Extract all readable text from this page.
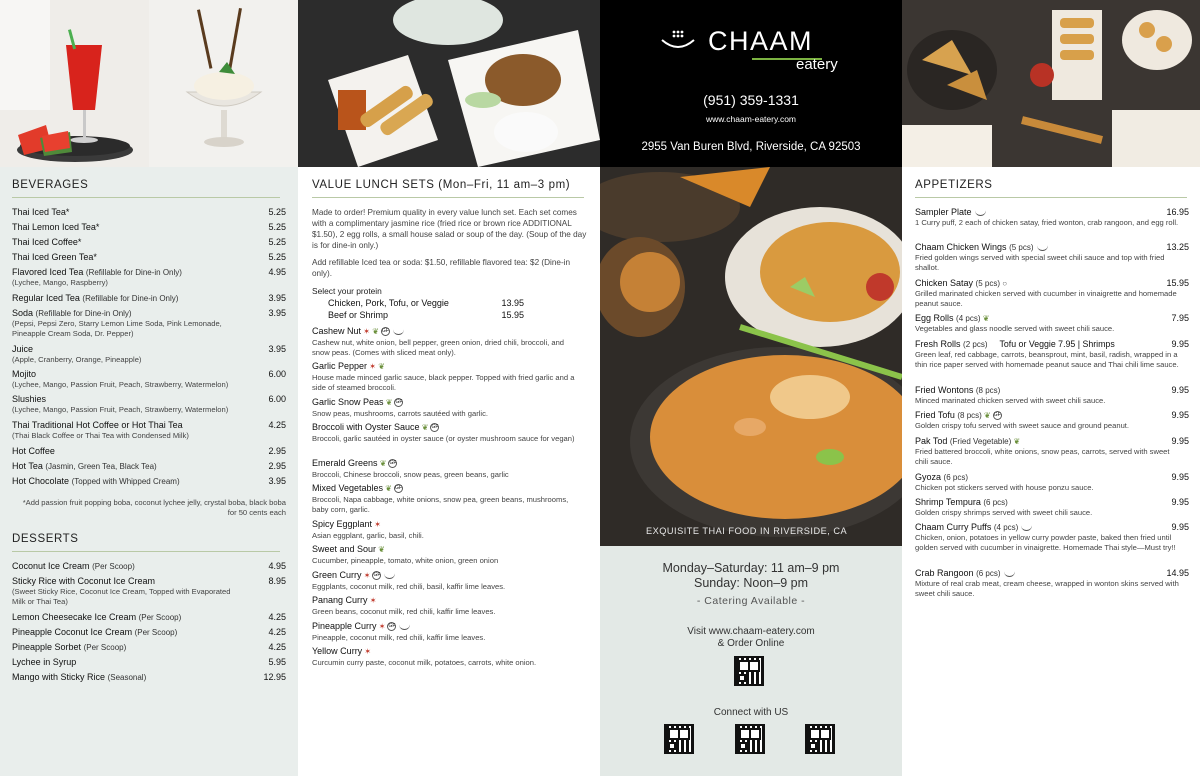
BEVERAGES
Thai Iced Tea*	5.25
Thai Lemon Iced Tea*	5.25
Thai Iced Coffee*	5.25
Thai Iced Green Tea*	5.25
Flavored Iced Tea (Refillable for Dine-in Only)	4.95
(Lychee, Mango, Raspberry)
Regular Iced Tea (Refillable for Dine-in Only)	3.95
Soda (Refillable for Dine-in Only)	3.95
(Pepsi, Pepsi Zero, Starry Lemon Lime Soda, Pink Lemonade, Pineapple Cream Soda, Dr. Pepper)
Juice	3.95
(Apple, Cranberry, Orange, Pineapple)
Mojito	6.00
(Lychee, Mango, Passion Fruit, Peach, Strawberry, Watermelon)
Slushies	6.00
(Lychee, Mango, Passion Fruit, Peach, Strawberry, Watermelon)
Thai Traditional Hot Coffee or Hot Thai Tea	4.25
(Thai Black Coffee or Thai Tea with Condensed Milk)
Hot Coffee	2.95
Hot Tea (Jasmin, Green Tea, Black Tea)	2.95
Hot Chocolate (Topped with Whipped Cream)	3.95
*Add passion fruit popping boba, coconut lychee jelly, crystal boba, black boba for 50 cents each
DESSERTS
Coconut Ice Cream (Per Scoop)	4.95
Sticky Rice with Coconut Ice Cream	8.95
(Sweet Sticky Rice, Coconut Ice Cream, Topped with Evaporated Milk or Thai Tea)
Lemon Cheesecake Ice Cream (Per Scoop)	4.25
Pineapple Coconut Ice Cream (Per Scoop)	4.25
Pineapple Sorbet (Per Scoop)	4.25
Lychee in Syrup	5.95
Mango with Sticky Rice (Seasonal)	12.95
VALUE LUNCH SETS (Mon–Fri, 11 am–3 pm)
Made to order! Premium quality in every value lunch set. Each set comes with a complimentary jasmine rice (fried rice or brown rice ADDITIONAL $1.50), 2 egg rolls, a small house salad or soup of the day. (Soup of the day is for dine-in only.)
Add refillable Iced tea or soda: $1.50, refillable flavored tea: $2 (Dine-in only).
Select your protein
Chicken, Pork, Tofu, or Veggie	13.95
Beef or Shrimp	15.95
Cashew Nut ✶ ❦ GF
Cashew nut, white onion, bell pepper, green onion, dried chili, broccoli, and snow peas. (Comes with sliced meat only).
Garlic Pepper ✶ ❦
House made minced garlic sauce, black pepper. Topped with fried garlic and a side of steamed broccoli.
Garlic Snow Peas ❦ GF
Snow peas, mushrooms, carrots sautéed with garlic.
Broccoli with Oyster Sauce ❦ GF
Broccoli, garlic sautéed in oyster sauce (or oyster mushroom sauce for vegan)
Emerald Greens ❦ GF
Broccoli, Chinese broccoli, snow peas, green beans, garlic
Mixed Vegetables ❦ GF
Broccoli, Napa cabbage, white onions, snow pea, green beans, mushrooms, baby corn, garlic.
Spicy Eggplant ✶
Asian eggplant, garlic, basil, chili.
Sweet and Sour ❦
Cucumber, pineapple, tomato, white onion, green onion
Green Curry ✶ GF
Eggplants, coconut milk, red chili, basil, kaffir lime leaves.
Panang Curry ✶
Green beans, coconut milk, red chili, kaffir lime leaves.
Pineapple Curry ✶ GF
Pineapple, coconut milk, red chili, kaffir lime leaves.
Yellow Curry ✶
Curcumin curry paste, coconut milk, potatoes, carrots, white onion.
CHAAM
eatery
(951) 359-1331
www.chaam-eatery.com
2955 Van Buren Blvd, Riverside, CA 92503
EXQUISITE THAI FOOD IN RIVERSIDE, CA
Monday–Saturday: 11 am–9 pm
Sunday: Noon–9 pm
- Catering Available -
Visit www.chaam-eatery.com
& Order Online
Connect with US
APPETIZERS
Sampler Plate	16.95
1 Curry puff, 2 each of chicken satay, fried wonton, crab rangoon, and egg roll.
Chaam Chicken Wings (5 pcs)	13.25
Fried golden wings served with special sweet chili sauce and top with fried shallot.
Chicken Satay (5 pcs) ○	15.95
Grilled marinated chicken served with cucumber in vinaigrette and homemade peanut sauce.
Egg Rolls (4 pcs) ❦	7.95
Vegetables and glass noodle served with sweet chili sauce.
Fresh Rolls (2 pcs) Tofu or Veggie 7.95 | Shrimps	9.95
Green leaf, red cabbage, carrots, beansprout, mint, basil, radish, wrapped in a thin rice paper served with homemade peanut sauce and Thai chili lime sauce.
Fried Wontons (8 pcs)	9.95
Minced marinated chicken served with sweet chili sauce.
Fried Tofu (8 pcs) ❦ GF	9.95
Golden crispy tofu served with sweet sauce and ground peanut.
Pak Tod (Fried Vegetable) ❦	9.95
Fried battered broccoli, white onions, snow peas, carrots, served with sweet chili sauce.
Gyoza (6 pcs)	9.95
Chicken pot stickers served with house ponzu sauce.
Shrimp Tempura (6 pcs)	9.95
Golden crispy shrimps served with sweet chili sauce.
Chaam Curry Puffs (4 pcs)	9.95
Chicken, onion, potatoes in yellow curry powder paste, baked then fried until golden served with cucumber in vinaigrette. Homemade Thai style—Must try!!
Crab Rangoon (6 pcs)	14.95
Mixture of real crab meat, cream cheese, wrapped in wonton skins served with sweet chili sauce.
